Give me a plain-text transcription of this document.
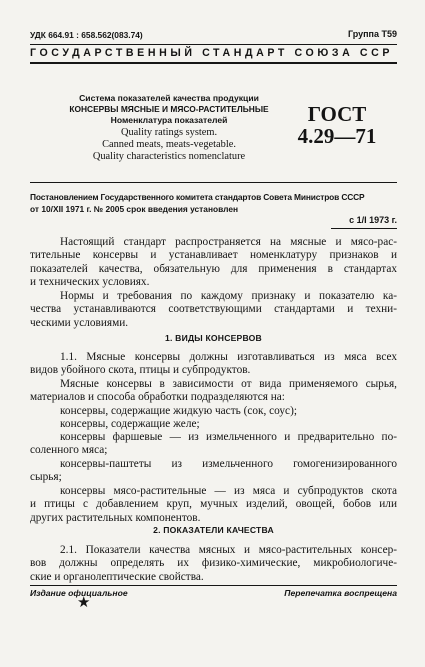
УДК 664.91 : 658.562(083.74)	Группа Т59
ГОСУДАРСТВЕННЫЙ СТАНДАРТ СОЮЗА ССР
Система показателей качества продукции
КОНСЕРВЫ МЯСНЫЕ И МЯСО-РАСТИТЕЛЬНЫЕ
Номенклатура показателей
Quality ratings system.
Canned meats, meats-vegetable.
Quality characteristics nomenclature
ГОСТ
4.29—71
Постановлением Государственного комитета стандартов Совета Министров СССР
от 10/XII 1971 г. № 2005 срок введения установлен
с 1/I 1973 г.
Настоящий стандарт распространяется на мясные и мясо-рас-
тительные консервы и устанавливает номенклатуру признаков и
показателей качества, обязательную для применения в стандартах
и технических условиях.
Нормы и требования по каждому признаку и показателю ка-
чества устанавливаются соответствующими стандартами и техни-
ческими условиями.
1. ВИДЫ КОНСЕРВОВ
1.1. Мясные консервы должны изготавливаться из мяса всех
видов убойного скота, птицы и субпродуктов.
Мясные консервы в зависимости от вида применяемого сырья,
материалов и способа обработки подразделяются на:
консервы, содержащие жидкую часть (сок, соус);
консервы, содержащие желе;
консервы фаршевые — из измельченного и предварительно по-
соленного мяса;
консервы-паштеты из измельченного гомогенизированного
сырья;
консервы мясо-растительные — из мяса и субпродуктов скота
и птицы с добавлением круп, мучных изделий, овощей, бобов или
других растительных компонентов.
2. ПОКАЗАТЕЛИ КАЧЕСТВА
2.1. Показатели качества мясных и мясо-растительных консер-
вов должны определять их физико-химические, микробиологиче-
ские и органолептические свойства.
Издание официальное	Перепечатка воспрещена
★
